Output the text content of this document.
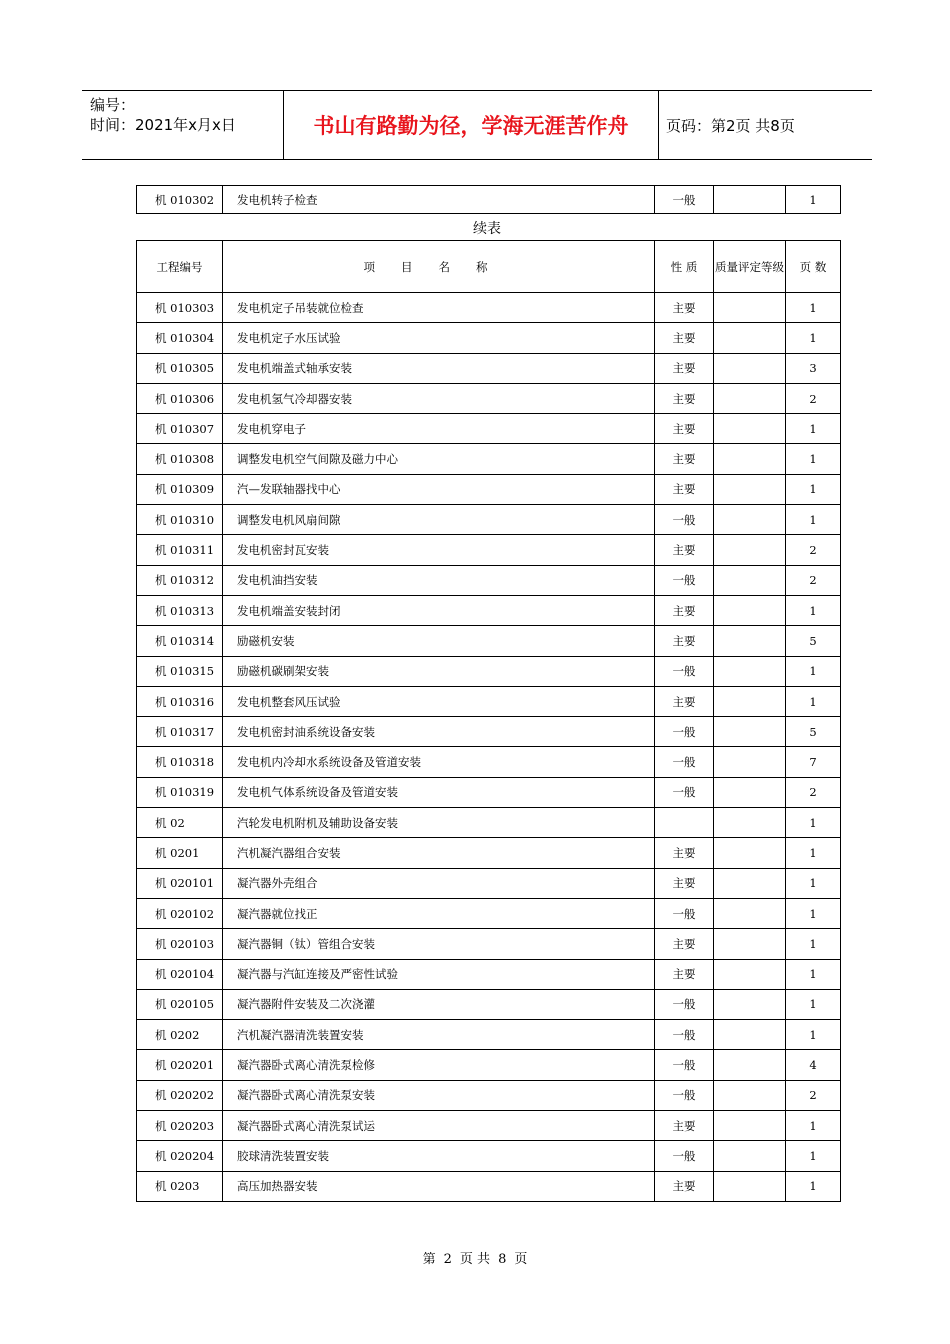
编号：
时间：2021年x月x日	书山有路勤为径，学海无涯苦作舟	页码：第2页 共8页
机 010302	发电机转子检查	一般		1
续表
工程编号	项目名称	性 质	质量评定等级	页 数
机 010303	发电机定子吊装就位检查	主要		1
机 010304	发电机定子水压试验	主要		1
机 010305	发电机端盖式轴承安装	主要		3
机 010306	发电机氢气冷却器安装	主要		2
机 010307	发电机穿电子	主要		1
机 010308	调整发电机空气间隙及磁力中心	主要		1
机 010309	汽—发联轴器找中心	主要		1
机 010310	调整发电机风扇间隙	一般		1
机 010311	发电机密封瓦安装	主要		2
机 010312	发电机油挡安装	一般		2
机 010313	发电机端盖安装封闭	主要		1
机 010314	励磁机安装	主要		5
机 010315	励磁机碳刷架安装	一般		1
机 010316	发电机整套风压试验	主要		1
机 010317	发电机密封油系统设备安装	一般		5
机 010318	发电机内冷却水系统设备及管道安装	一般		7
机 010319	发电机气体系统设备及管道安装	一般		2
机 02	汽轮发电机附机及辅助设备安装			1
机 0201	汽机凝汽器组合安装	主要		1
机 020101	凝汽器外壳组合	主要		1
机 020102	凝汽器就位找正	一般		1
机 020103	凝汽器铜（钛）管组合安装	主要		1
机 020104	凝汽器与汽缸连接及严密性试验	主要		1
机 020105	凝汽器附件安装及二次浇灌	一般		1
机 0202	汽机凝汽器清洗装置安装	一般		1
机 020201	凝汽器卧式离心清洗泵检修	一般		4
机 020202	凝汽器卧式离心清洗泵安装	一般		2
机 020203	凝汽器卧式离心清洗泵试运	主要		1
机 020204	胶球清洗装置安装	一般		1
机 0203	高压加热器安装	主要		1
第 2 页 共 8 页
